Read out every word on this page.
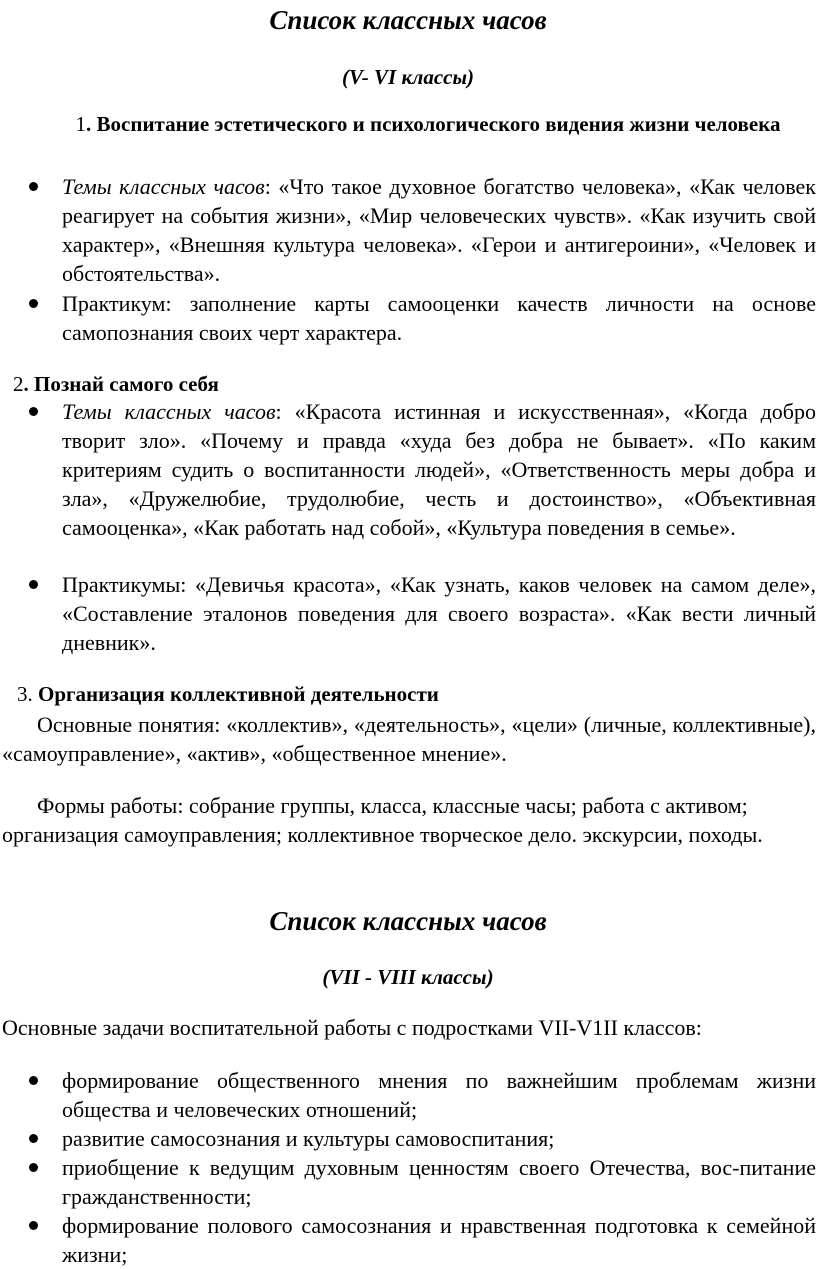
Список классных часов
(V- VI классы)
1. Воспитание эстетического и психологического видения жизни человека
Темы классных часов: «Что такое духовное богатство человека», «Как человек реагирует на события жизни», «Мир человеческих чувств». «Как изучить свой характер», «Внешняя культура человека». «Герои и антигероини», «Человек и обстоятельства».
Практикум: заполнение карты самооценки качеств личности на основе самопознания своих черт характера.
2. Познай самого себя
Темы классных часов: «Красота истинная и искусственная», «Когда добро творит зло». «Почему и правда «худа без добра не бывает». «По каким критериям судить о воспитанности людей», «Ответственность меры добра и зла», «Дружелюбие, трудолюбие, честь и достоинство», «Объективная самооценка», «Как работать над собой», «Культура поведения в семье».
Практикумы: «Девичья красота», «Как узнать, каков человек на самом деле», «Составление эталонов поведения для своего возраста». «Как вести личный дневник».
3. Организация коллективной деятельности
Основные понятия: «коллектив», «деятельность», «цели» (личные, коллективные), «самоуправление», «актив», «общественное мнение».
Формы работы: собрание группы, класса, классные часы; работа с активом; организация самоуправления; коллективное творческое дело. экскурсии, походы.
Список классных часов
(VII - VIII классы)
Основные задачи воспитательной работы с подростками VII-V1II классов:
формирование общественного мнения по важнейшим проблемам жизни общества и человеческих отношений;
развитие самосознания и культуры самовоспитания;
приобщение к ведущим духовным ценностям своего Отечества, вос-питание гражданственности;
формирование полового самосознания и нравственная подготовка к семейной жизни;
